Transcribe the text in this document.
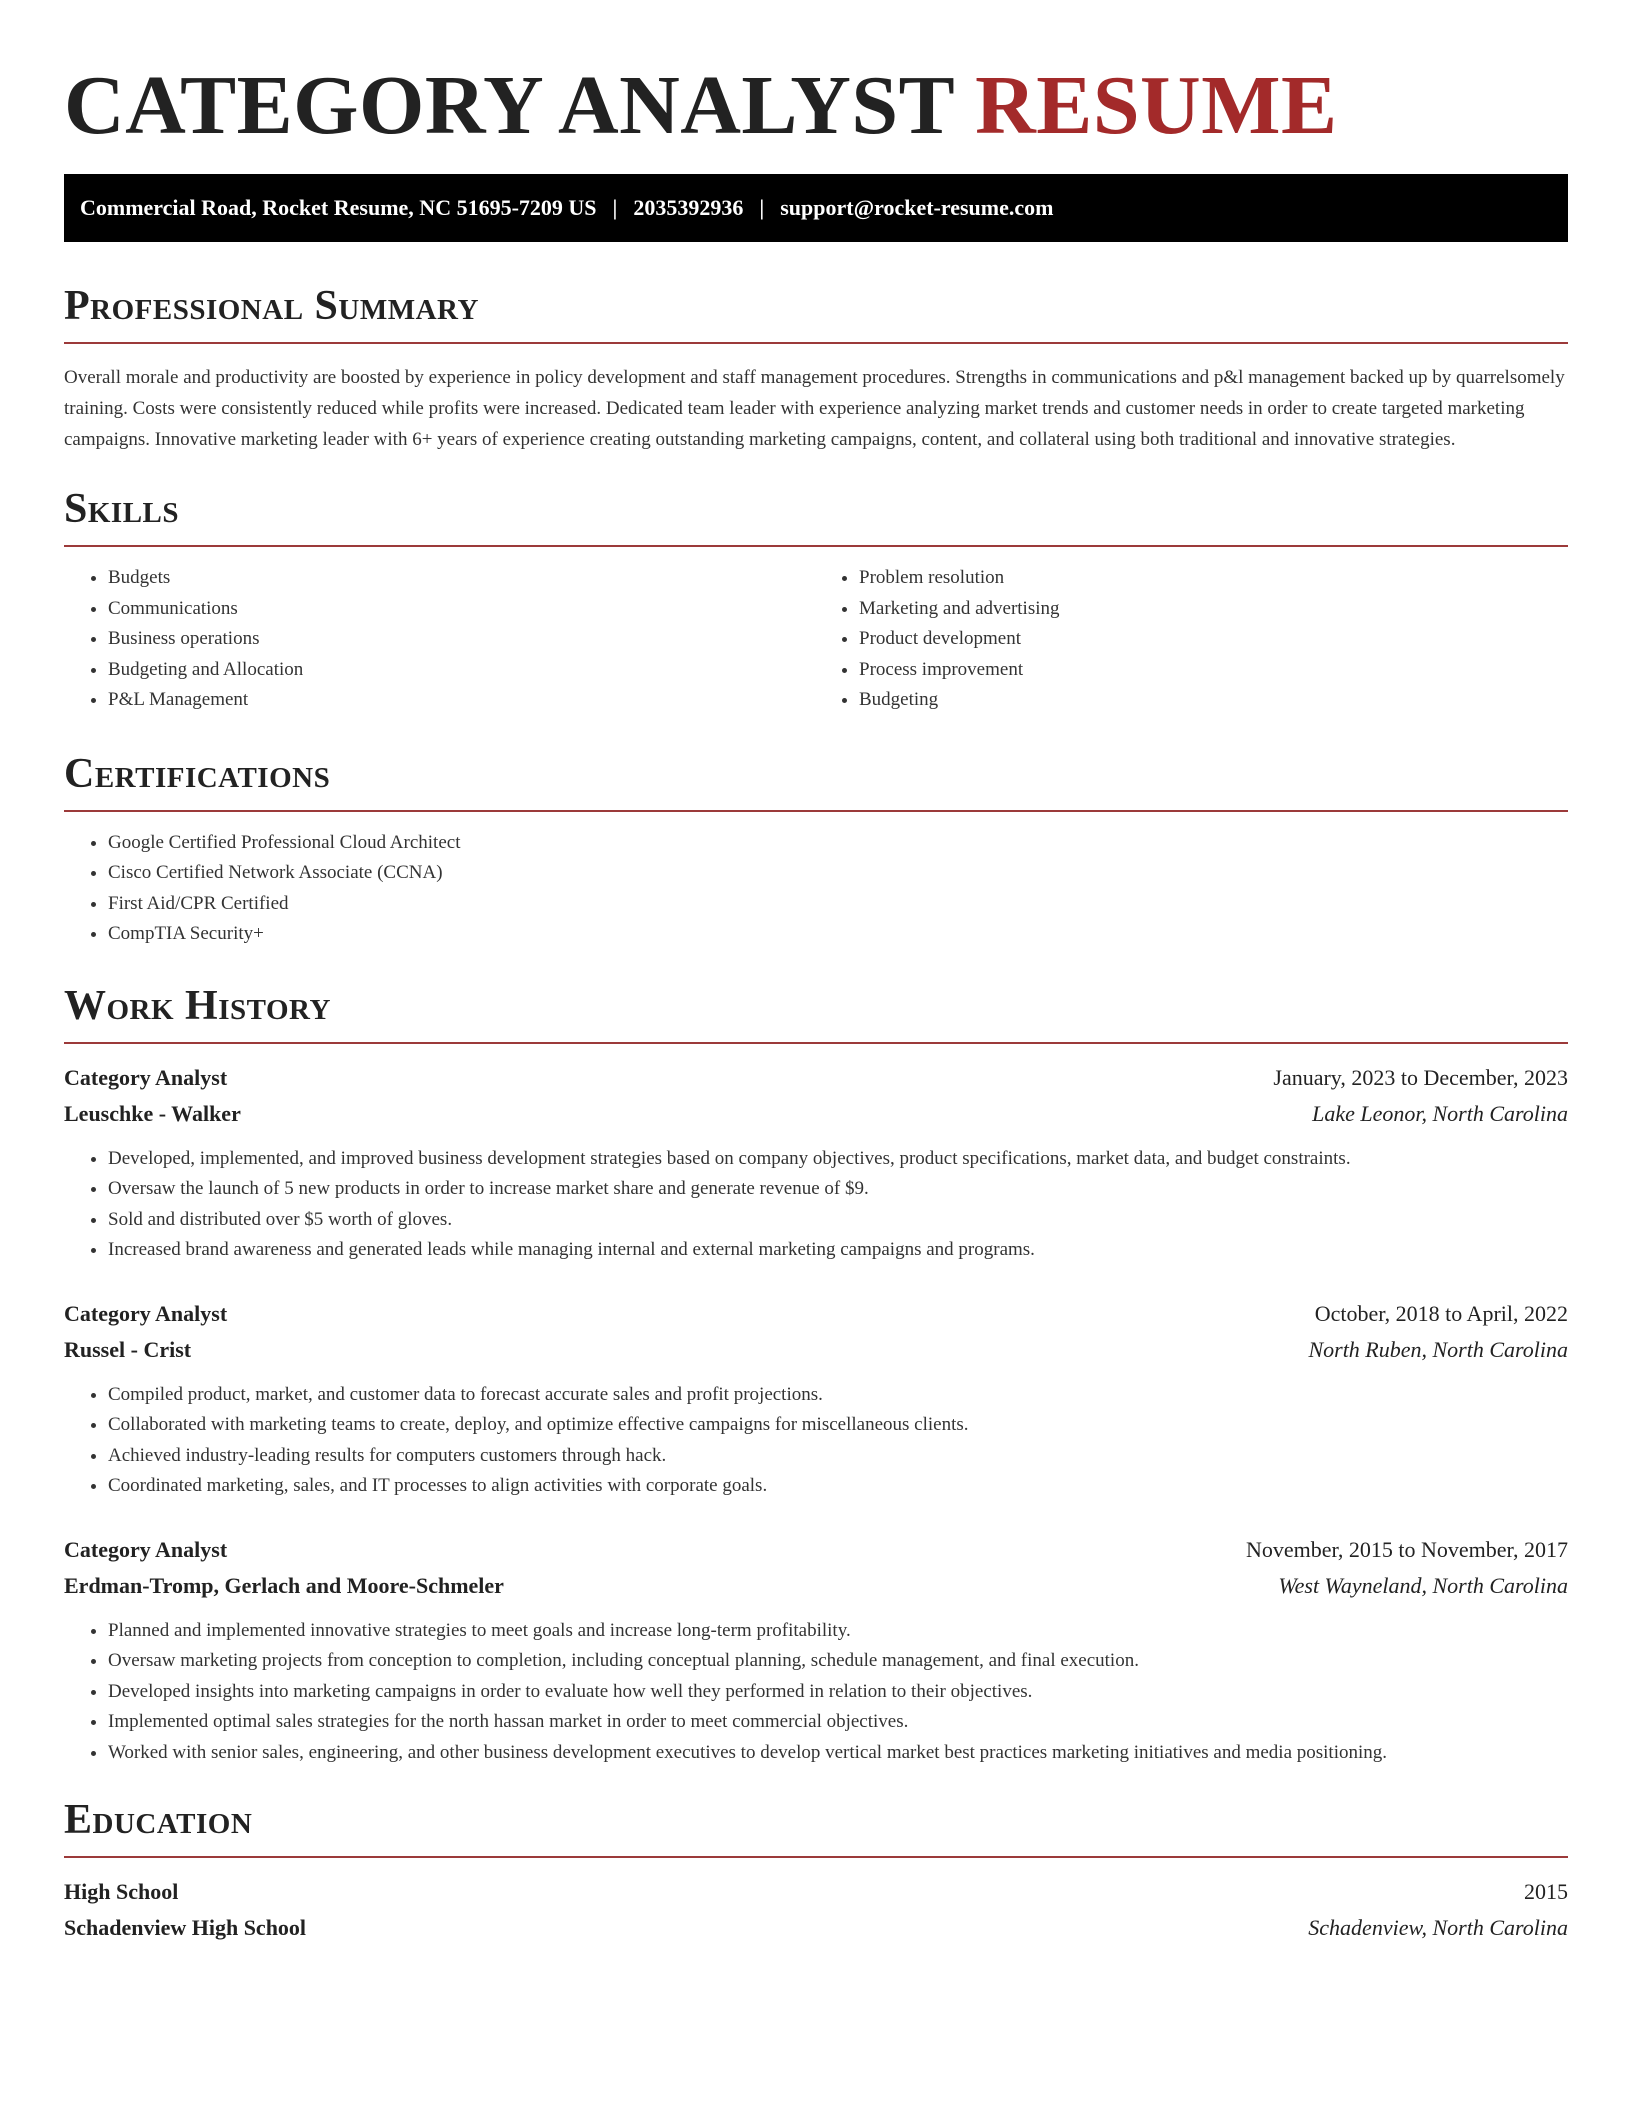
CATEGORY ANALYST RESUME
Commercial Road, Rocket Resume, NC 51695-7209 US | 2035392936 | support@rocket-resume.com
Professional Summary

Overall morale and productivity are boosted by experience in policy development and staff management procedures. Strengths in communications and p&l management backed up by quarrelsomely training. Costs were consistently reduced while profits were increased. Dedicated team leader with experience analyzing market trends and customer needs in order to create targeted marketing campaigns. Innovative marketing leader with 6+ years of experience creating outstanding marketing campaigns, content, and collateral using both traditional and innovative strategies.

Skills
• Budgets
• Communications
• Business operations
• Budgeting and Allocation
• P&L Management
• Problem resolution
• Marketing and advertising
• Product development
• Process improvement
• Budgeting
Certifications
• Google Certified Professional Cloud Architect
• Cisco Certified Network Associate (CCNA)
• First Aid/CPR Certified
• CompTIA Security+
Work History
Category Analyst	January, 2023 to December, 2023
Leuschke - Walker	Lake Leonor, North Carolina
• Developed, implemented, and improved business development strategies based on company objectives, product specifications, market data, and budget constraints.
• Oversaw the launch of 5 new products in order to increase market share and generate revenue of $9.
• Sold and distributed over $5 worth of gloves.
• Increased brand awareness and generated leads while managing internal and external marketing campaigns and programs.
Category Analyst	October, 2018 to April, 2022
Russel - Crist	North Ruben, North Carolina
• Compiled product, market, and customer data to forecast accurate sales and profit projections.
• Collaborated with marketing teams to create, deploy, and optimize effective campaigns for miscellaneous clients.
• Achieved industry-leading results for computers customers through hack.
• Coordinated marketing, sales, and IT processes to align activities with corporate goals.
Category Analyst	November, 2015 to November, 2017
Erdman-Tromp, Gerlach and Moore-Schmeler	West Wayneland, North Carolina
• Planned and implemented innovative strategies to meet goals and increase long-term profitability.
• Oversaw marketing projects from conception to completion, including conceptual planning, schedule management, and final execution.
• Developed insights into marketing campaigns in order to evaluate how well they performed in relation to their objectives.
• Implemented optimal sales strategies for the north hassan market in order to meet commercial objectives.
• Worked with senior sales, engineering, and other business development executives to develop vertical market best practices marketing initiatives and media positioning.
Education
High School	2015
Schadenview High School	Schadenview, North Carolina
